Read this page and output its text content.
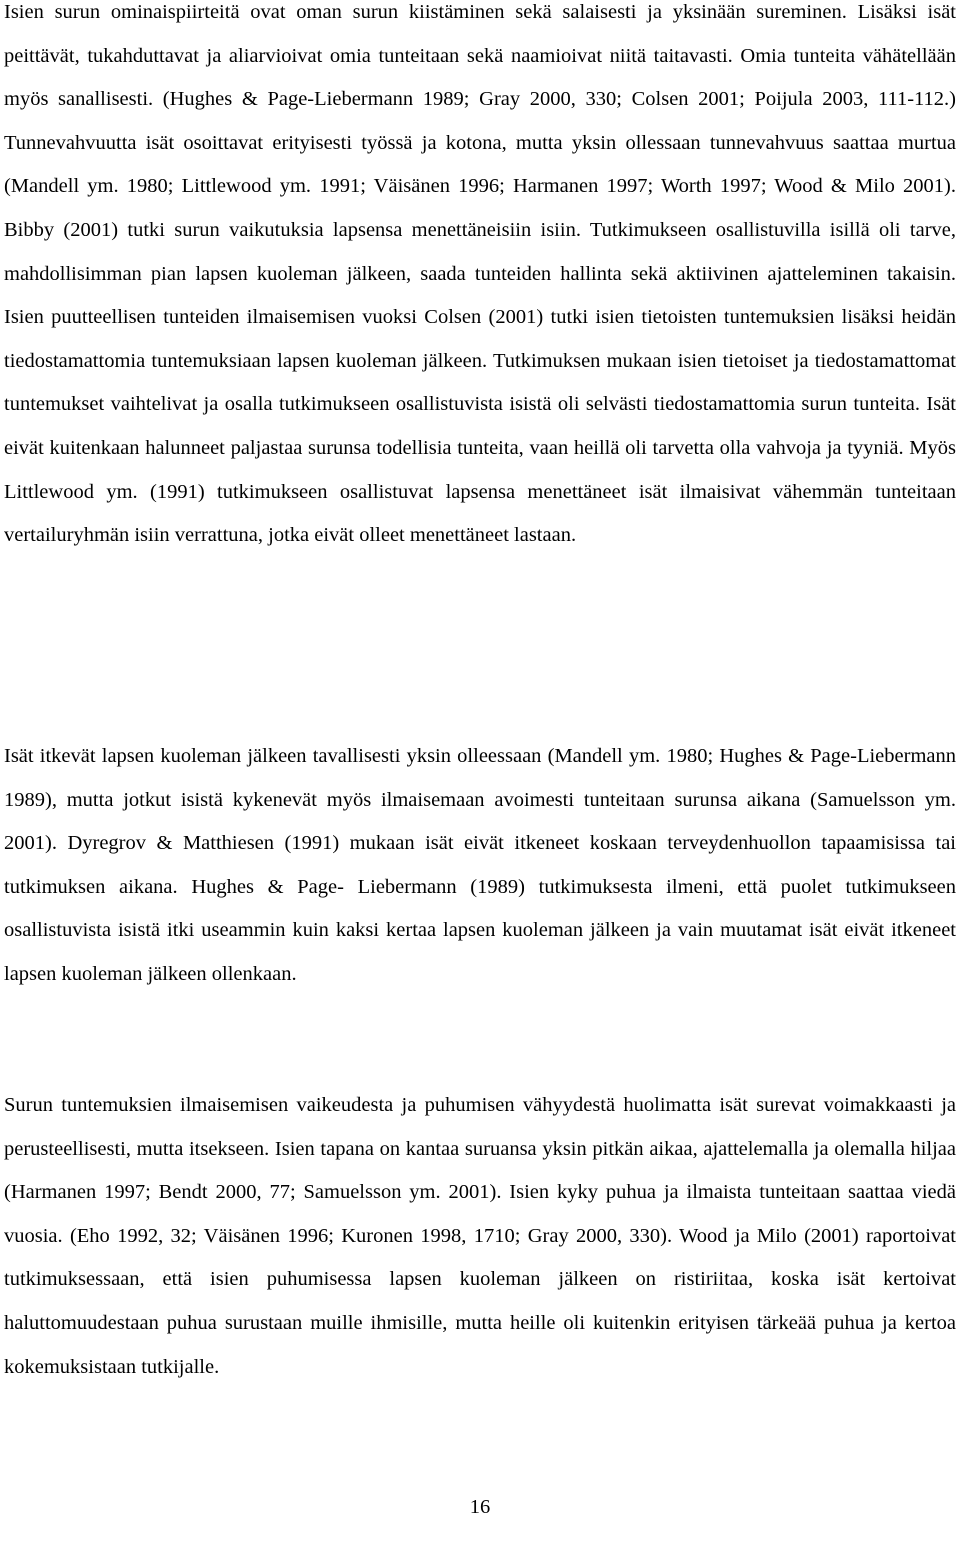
Isien surun ominaispiirteitä ovat oman surun kiistäminen sekä salaisesti ja yksinään sureminen. Lisäksi isät peittävät, tukahduttavat ja aliarvioivat omia tunteitaan sekä naamioivat niitä taitavasti. Omia tunteita vähätellään myös sanallisesti. (Hughes & Page-Liebermann 1989; Gray 2000, 330; Colsen 2001; Poijula 2003, 111-112.) Tunnevahvuutta isät osoittavat erityisesti työssä ja kotona, mutta yksin ollessaan tunnevahvuus saattaa murtua (Mandell ym. 1980; Littlewood ym. 1991; Väisänen 1996; Harmanen 1997; Worth 1997; Wood & Milo 2001). Bibby (2001) tutki surun vaikutuksia lapsensa menettäneisiin isiin. Tutkimukseen osallistuvilla isillä oli tarve, mahdollisimman pian lapsen kuoleman jälkeen, saada tunteiden hallinta sekä aktiivinen ajatteleminen takaisin. Isien puutteellisen tunteiden ilmaisemisen vuoksi Colsen (2001) tutki isien tietoisten tuntemuksien lisäksi heidän tiedostamattomia tuntemuksiaan lapsen kuoleman jälkeen. Tutkimuksen mukaan isien tietoiset ja tiedostamattomat tuntemukset vaihtelivat ja osalla tutkimukseen osallistuvista isistä oli selvästi tiedostamattomia surun tunteita. Isät eivät kuitenkaan halunneet paljastaa surunsa todellisia tunteita, vaan heillä oli tarvetta olla vahvoja ja tyyniä. Myös Littlewood ym. (1991) tutkimukseen osallistuvat lapsensa menettäneet isät ilmaisivat vähemmän tunteitaan vertailuryhmän isiin verrattuna, jotka eivät olleet menettäneet lastaan.

Isät itkevät lapsen kuoleman jälkeen tavallisesti yksin olleessaan (Mandell ym. 1980; Hughes & Page-Liebermann 1989), mutta jotkut isistä kykenevät myös ilmaisemaan avoimesti tunteitaan surunsa aikana (Samuelsson ym. 2001). Dyregrov & Matthiesen (1991) mukaan isät eivät itkeneet koskaan terveydenhuollon tapaamisissa tai tutkimuksen aikana. Hughes & Page- Liebermann (1989) tutkimuksesta ilmeni, että puolet tutkimukseen osallistuvista isistä itki useammin kuin kaksi kertaa lapsen kuoleman jälkeen ja vain muutamat isät eivät itkeneet lapsen kuoleman jälkeen ollenkaan.

Surun tuntemuksien ilmaisemisen vaikeudesta ja puhumisen vähyydestä huolimatta isät surevat voimakkaasti ja perusteellisesti, mutta itsekseen. Isien tapana on kantaa suruansa yksin pitkän aikaa, ajattelemalla ja olemalla hiljaa (Harmanen 1997; Bendt 2000, 77; Samuelsson ym. 2001). Isien kyky puhua ja ilmaista tunteitaan saattaa viedä vuosia. (Eho 1992, 32; Väisänen 1996; Kuronen 1998, 1710; Gray 2000, 330). Wood ja Milo (2001) raportoivat tutkimuksessaan, että isien puhumisessa lapsen kuoleman jälkeen on ristiriitaa, koska isät kertoivat haluttomuudestaan puhua surustaan muille ihmisille, mutta heille oli kuitenkin erityisen tärkeää puhua ja kertoa kokemuksistaan tutkijalle.

16
